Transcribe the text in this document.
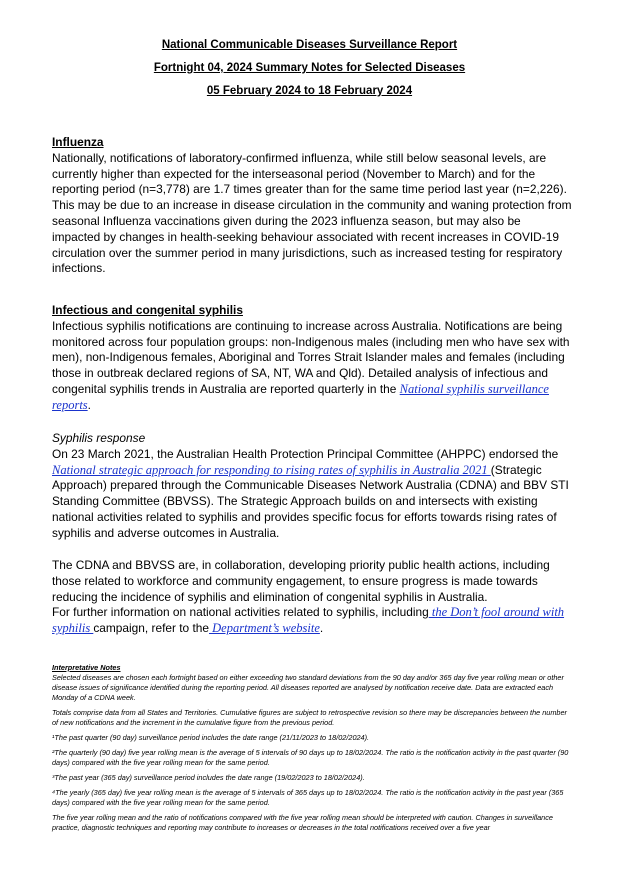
National Communicable Diseases Surveillance Report
Fortnight 04, 2024 Summary Notes for Selected Diseases
05 February 2024 to 18 February 2024

Influenza

Nationally, notifications of laboratory-confirmed influenza, while still below seasonal levels, are currently higher than expected for the interseasonal period (November to March) and for the reporting period (n=3,778) are 1.7 times greater than for the same time period last year (n=2,226). This may be due to an increase in disease circulation in the community and waning protection from seasonal Influenza vaccinations given during the 2023 influenza season, but may also be impacted by changes in health-seeking behaviour associated with recent increases in COVID-19 circulation over the summer period in many jurisdictions, such as increased testing for respiratory infections.

Infectious and congenital syphilis

Infectious syphilis notifications are continuing to increase across Australia. Notifications are being monitored across four population groups: non-Indigenous males (including men who have sex with men), non-Indigenous females, Aboriginal and Torres Strait Islander males and females (including those in outbreak declared regions of SA, NT, WA and Qld). Detailed analysis of infectious and congenital syphilis trends in Australia are reported quarterly in the National syphilis surveillance reports.

Syphilis response

On 23 March 2021, the Australian Health Protection Principal Committee (AHPPC) endorsed the National strategic approach for responding to rising rates of syphilis in Australia 2021 (Strategic Approach) prepared through the Communicable Diseases Network Australia (CDNA) and BBV STI Standing Committee (BBVSS). The Strategic Approach builds on and intersects with existing national activities related to syphilis and provides specific focus for efforts towards rising rates of syphilis and adverse outcomes in Australia.

The CDNA and BBVSS are, in collaboration, developing priority public health actions, including those related to workforce and community engagement, to ensure progress is made towards reducing the incidence of syphilis and elimination of congenital syphilis in Australia.

For further information on national activities related to syphilis, including the Don’t fool around with syphilis campaign, refer to the Department’s website.

Interpretative Notes

Selected diseases are chosen each fortnight based on either exceeding two standard deviations from the 90 day and/or 365 day five year rolling mean or other disease issues of significance identified during the reporting period. All diseases reported are analysed by notification receive date. Data are extracted each Monday of a CDNA week.

Totals comprise data from all States and Territories. Cumulative figures are subject to retrospective revision so there may be discrepancies between the number of new notifications and the increment in the cumulative figure from the previous period.

¹The past quarter (90 day) surveillance period includes the date range (21/11/2023 to 18/02/2024).

²The quarterly (90 day) five year rolling mean is the average of 5 intervals of 90 days up to 18/02/2024. The ratio is the notification activity in the past quarter (90 days) compared with the five year rolling mean for the same period.

³The past year (365 day) surveillance period includes the date range (19/02/2023 to 18/02/2024).

⁴The yearly (365 day) five year rolling mean is the average of 5 intervals of 365 days up to 18/02/2024. The ratio is the notification activity in the past year (365 days) compared with the five year rolling mean for the same period.

The five year rolling mean and the ratio of notifications compared with the five year rolling mean should be interpreted with caution. Changes in surveillance practice, diagnostic techniques and reporting may contribute to increases or decreases in the total notifications received over a five year
